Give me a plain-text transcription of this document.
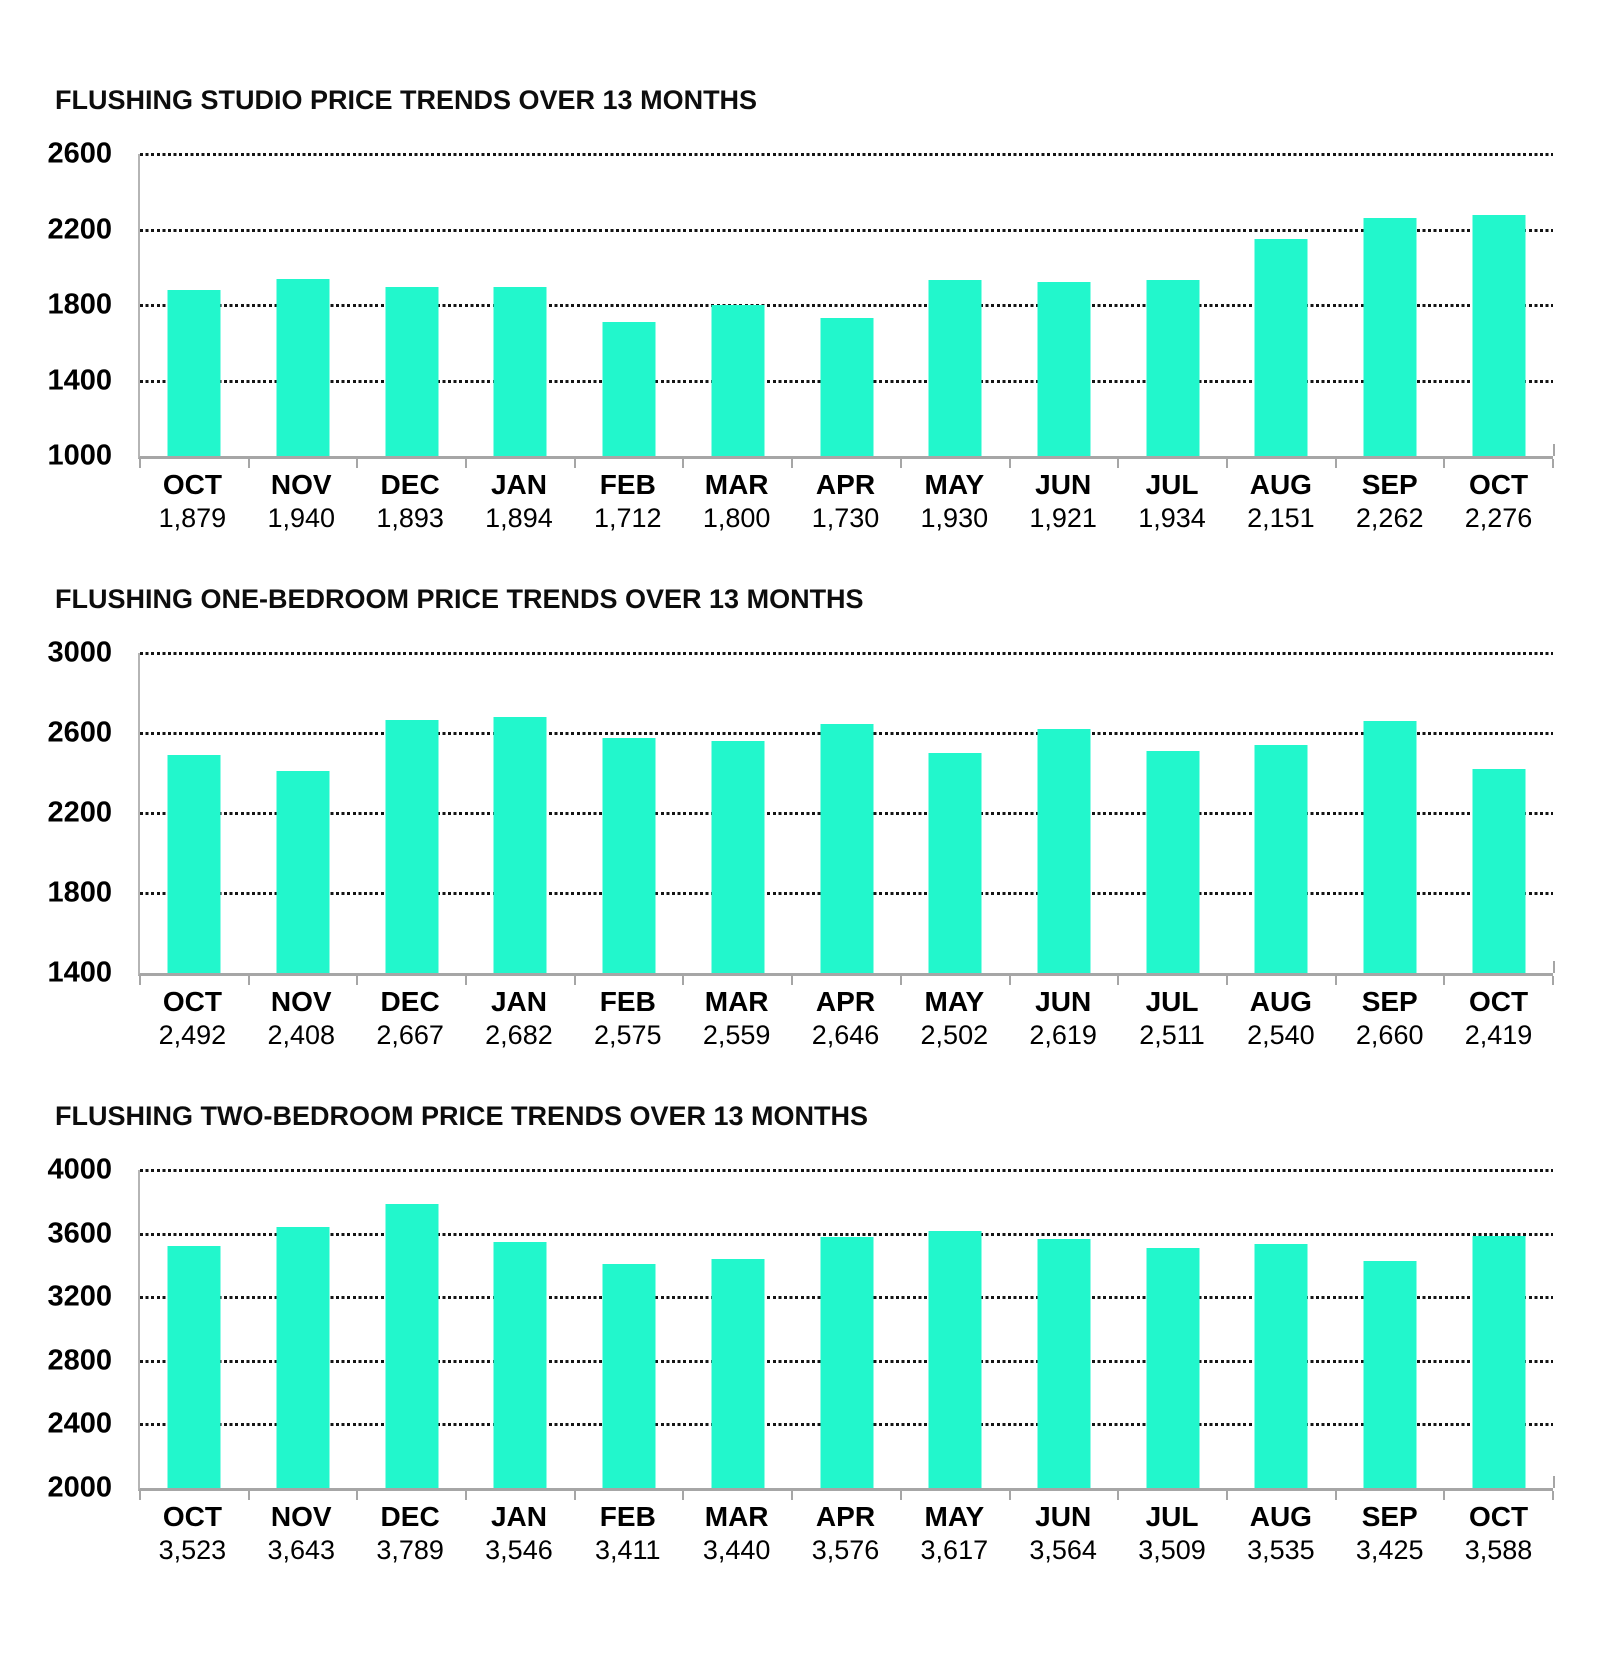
FLUSHING STUDIO PRICE TRENDS OVER 13 MONTHS
2600
2200
1800
1400
1000
OCT
1,879
NOV
1,940
DEC
1,893
JAN
1,894
FEB
1,712
MAR
1,800
APR
1,730
MAY
1,930
JUN
1,921
JUL
1,934
AUG
2,151
SEP
2,262
OCT
2,276
FLUSHING ONE-BEDROOM PRICE TRENDS OVER 13 MONTHS
3000
2600
2200
1800
1400
OCT
2,492
NOV
2,408
DEC
2,667
JAN
2,682
FEB
2,575
MAR
2,559
APR
2,646
MAY
2,502
JUN
2,619
JUL
2,511
AUG
2,540
SEP
2,660
OCT
2,419
FLUSHING TWO-BEDROOM PRICE TRENDS OVER 13 MONTHS
4000
3600
3200
2800
2400
2000
OCT
3,523
NOV
3,643
DEC
3,789
JAN
3,546
FEB
3,411
MAR
3,440
APR
3,576
MAY
3,617
JUN
3,564
JUL
3,509
AUG
3,535
SEP
3,425
OCT
3,588
